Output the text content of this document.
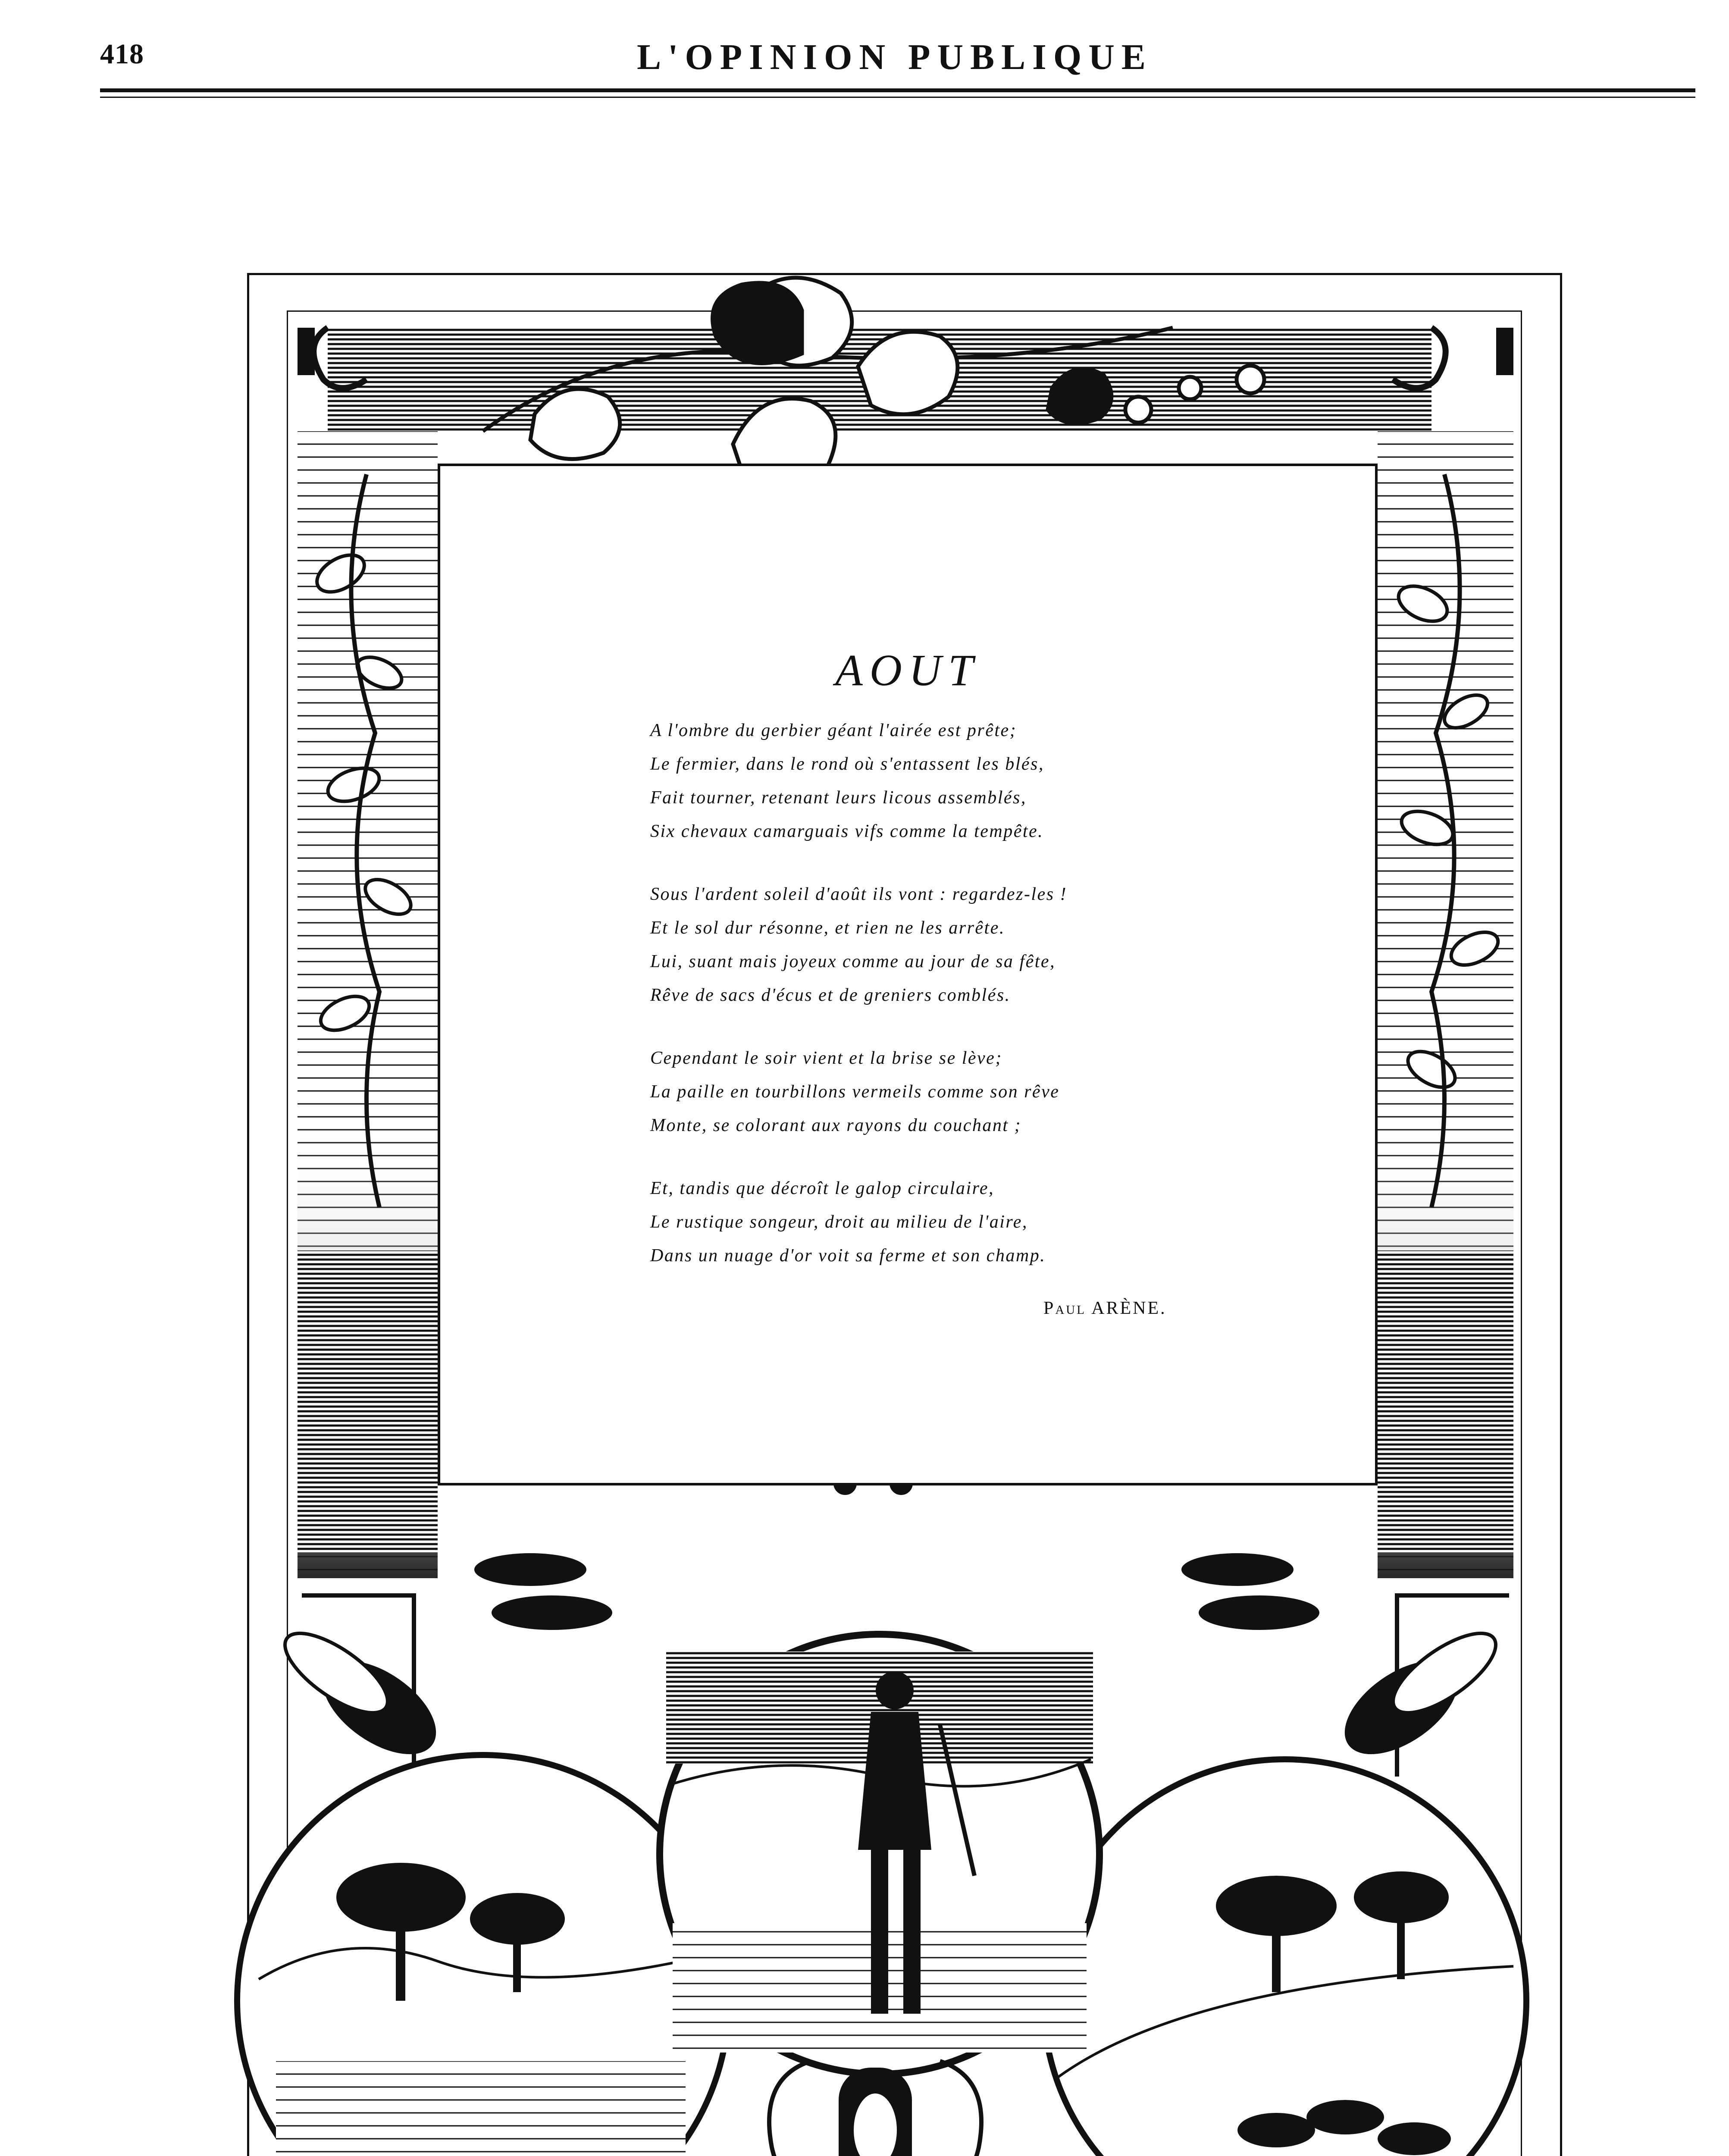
418	L'OPINION PUBLIQUE
AOUT
A l'ombre du gerbier géant l'airée est prête;
Le fermier, dans le rond où s'entassent les blés,
Fait tourner, retenant leurs licous assemblés,
Six chevaux camarguais vifs comme la tempête.
Sous l'ardent soleil d'août ils vont : regardez-les !
Et le sol dur résonne, et rien ne les arrête.
Lui, suant mais joyeux comme au jour de sa fête,
Rêve de sacs d'écus et de greniers comblés.
Cependant le soir vient et la brise se lève;
La paille en tourbillons vermeils comme son rêve
Monte, se colorant aux rayons du couchant ;
Et, tandis que décroît le galop circulaire,
Le rustique songeur, droit au milieu de l'aire,
Dans un nuage d'or voit sa ferme et son champ.
Paul ARÈNE.
